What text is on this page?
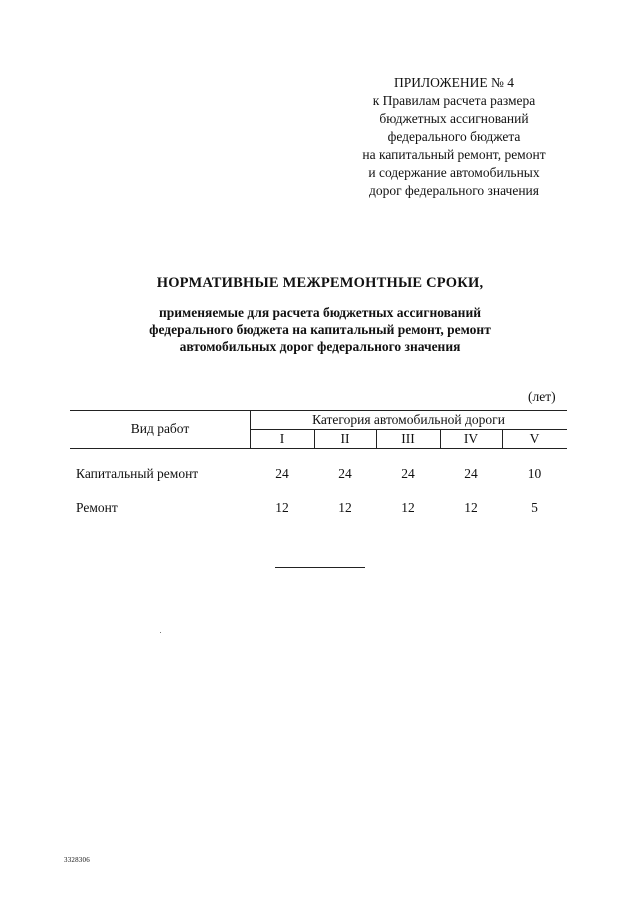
ПРИЛОЖЕНИЕ № 4
к Правилам расчета размера
бюджетных ассигнований
федерального бюджета
на капитальный ремонт, ремонт
и содержание автомобильных
дорог федерального значения
НОРМАТИВНЫЕ МЕЖРЕМОНТНЫЕ СРОКИ,
применяемые для расчета бюджетных ассигнований
федерального бюджета на капитальный ремонт, ремонт
автомобильных дорог федерального значения
(лет)
Вид работ
Категория автомобильной дороги
I	II	III	IV	V
Капитальный ремонт	24	24	24	24	10
Ремонт	12	12	12	12	5
3328306
